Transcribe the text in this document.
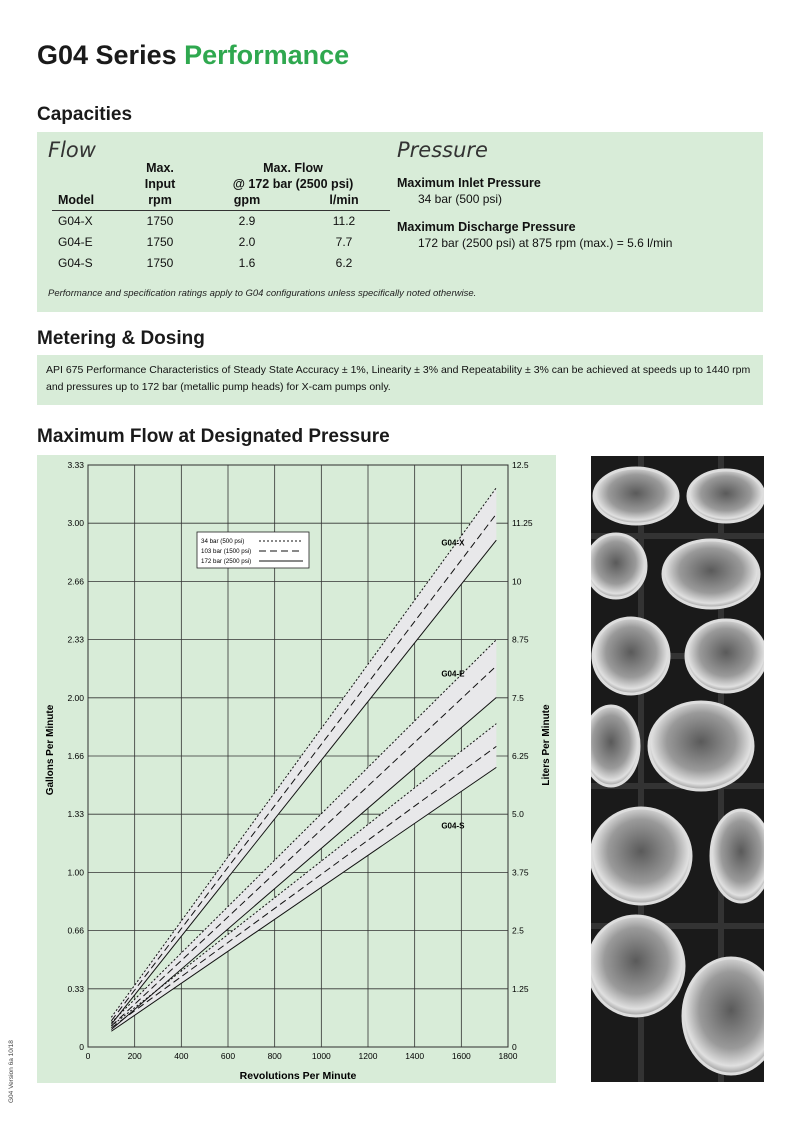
G04 Series Performance
Capacities
Flow
	Max.	Max. Flow	
	Input	@ 172 bar (2500 psi)	
Model	rpm	gpm	l/min
G04-X	1750	2.9	11.2
G04-E	1750	2.0	7.7
G04-S	1750	1.6	6.2
Performance and specification ratings apply to G04 configurations unless specifically noted otherwise.
Pressure
Maximum Inlet Pressure
34 bar (500 psi)
Maximum Discharge Pressure
172 bar (2500 psi) at 875 rpm (max.) = 5.6 l/min
Metering & Dosing
API 675 Performance Characteristics of Steady State Accuracy ± 1%, Linearity ± 3% and Repeatability ± 3% can be achieved at speeds up to 1440 rpm and pressures up to 172 bar (metallic pump heads) for X-cam pumps only.
Maximum Flow at Designated Pressure
0	200	400	600	800	1000	1200	1400	1600	1800
0
0.33
0.66
1.00
1.33
1.66
2.00
2.33
2.66
3.00
3.33
0
1.25
2.5
3.75
5.0
6.25
7.5
8.75
10
11.25
12.5
G04-X
G04-E
G04-S
34 bar (500 psi)
103 bar (1500 psi)
172 bar (2500 psi)
Revolutions Per Minute
Gallons Per Minute	Liters Per Minute
G04 Version 6a 10/18
